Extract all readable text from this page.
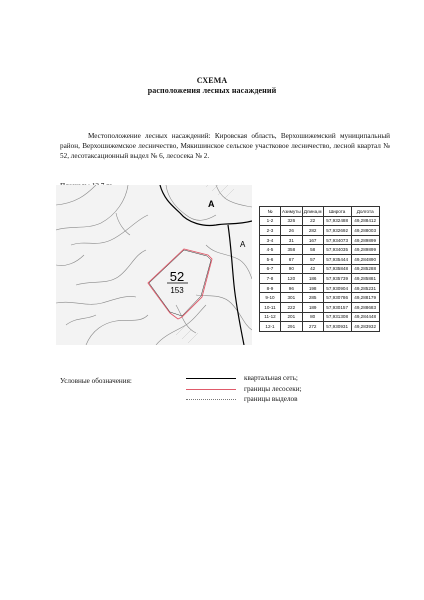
СХЕМА
расположения лесных насаждений

Местоположение лесных насаждений: Кировская область, Верхошижемский муниципальный район, Верхошижемское лесничество, Мякишинское сельское участковое лесничество, лесной квартал № 52, лесотаксационный выдел № 6, лесосека № 2.

А
А
52
153
№	Азимуты	Длина,м	Широта	Долгота
1-2	326	22	57,932488	49,288412
2-3	26	282	57,932692	49,288003
3-4	31	167	57,934073	49,289899
4-5	358	58	57,934035	49,289899
5-6	67	57	57,935444	49,284890
6-7	90	42	57,935848	49,285288
7-8	120	186	57,935739	49,285881
8-9	96	198	57,930904	49,285231
9-10	301	285	57,930786	49,288179
10-11	222	189	57,930157	49,288683
11-12	201	80	57,931308	49,284448
12-1	291	272	57,930931	49,283932
Условные обозначения:	квартальная сеть;
границы лесосеки;
границы выделов
